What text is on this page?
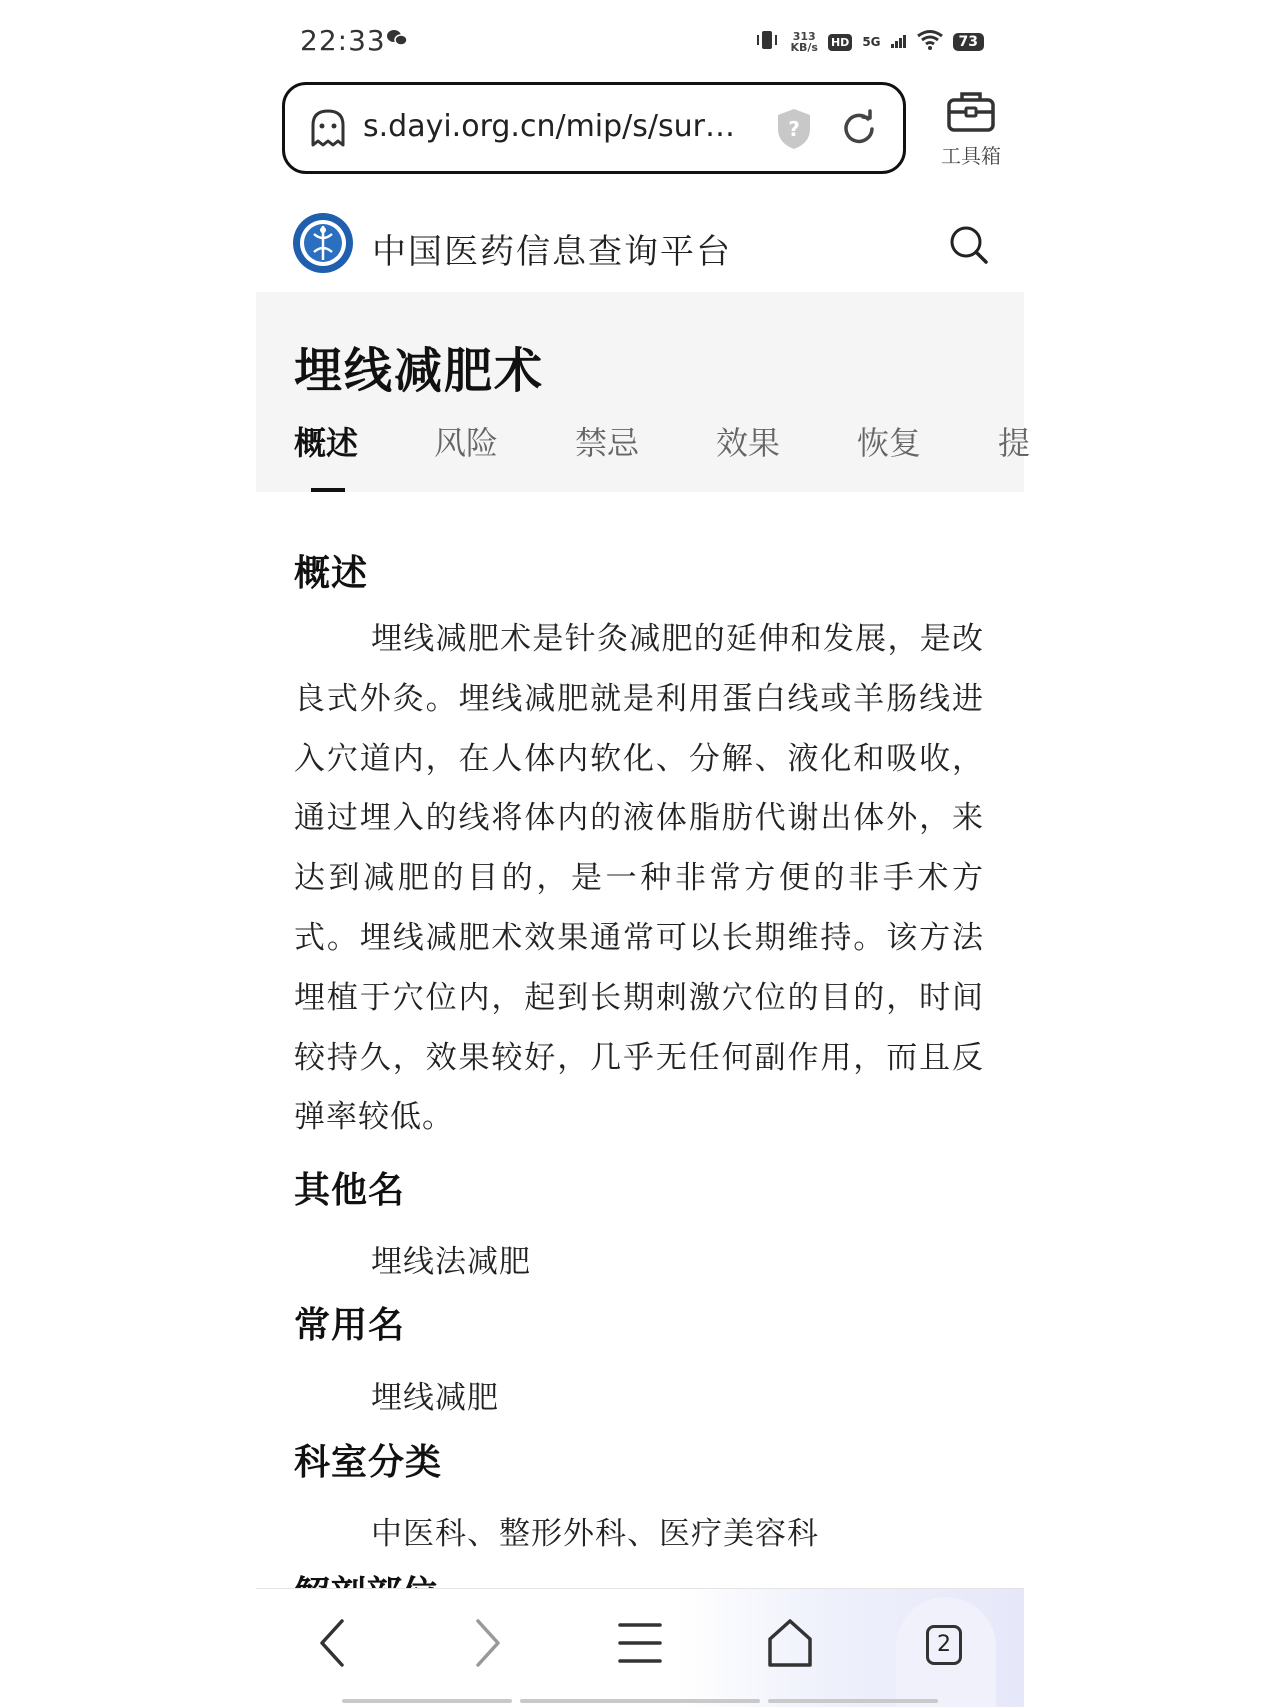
22:33	313
KB/s HD 5G	73
s.dayi.org.cn/mip/s/sur…	?
工具箱
中国医药信息查询平台
埋线减肥术
概述 风险 禁忌 效果 恢复 提
概述
埋线减肥术是针灸减肥的延伸和发展，是改良式外灸。埋线减肥就是利用蛋白线或羊肠线进入穴道内，在人体内软化、分解、液化和吸收，通过埋入的线将体内的液体脂肪代谢出体外，来达到减肥的目的，是一种非常方便的非手术方式。埋线减肥术效果通常可以长期维持。该方法埋植于穴位内，起到长期刺激穴位的目的，时间较持久，效果较好，几乎无任何副作用，而且反弹率较低。
其他名
埋线法减肥
常用名
埋线减肥
科室分类
中医科、整形外科、医疗美容科
2
